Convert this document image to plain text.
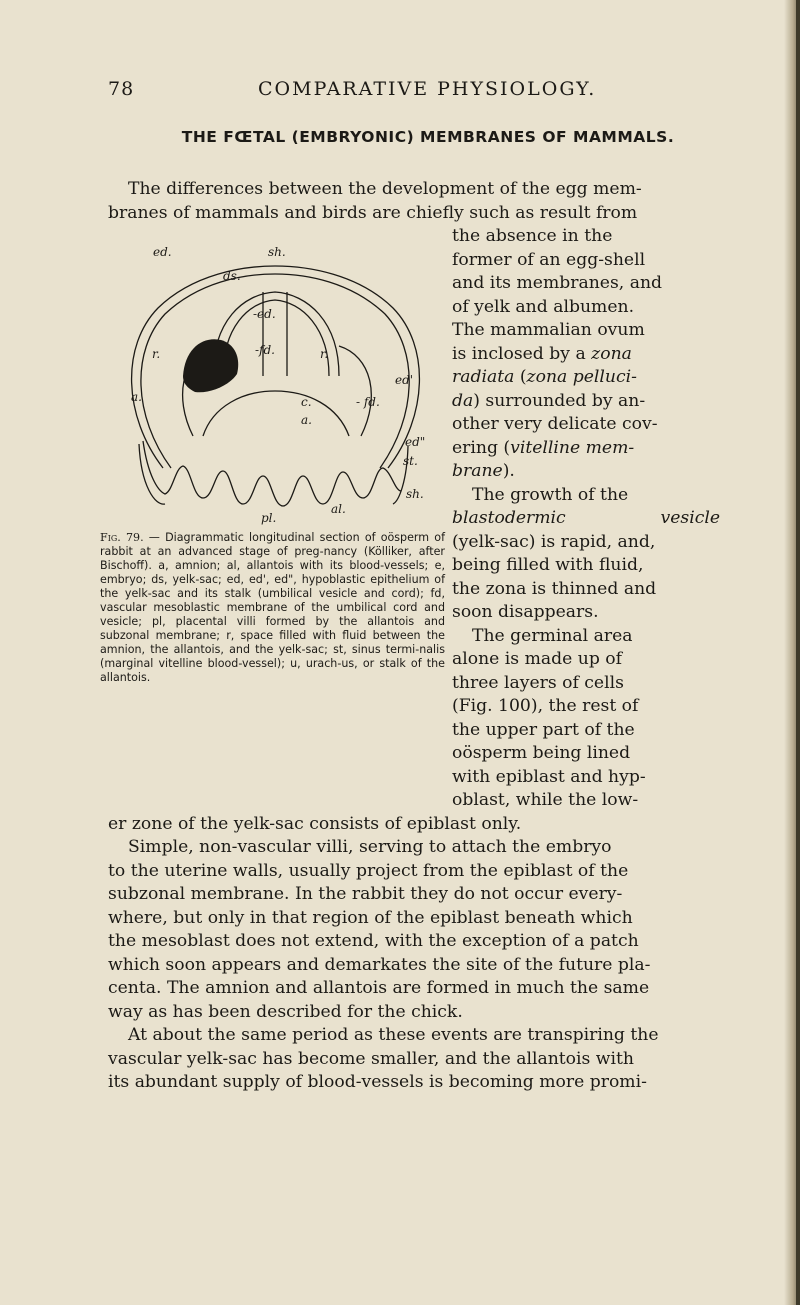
78	COMPARATIVE PHYSIOLOGY.
THE FŒTAL (EMBRYONIC) MEMBRANES OF MAMMALS.

The differences between the development of the egg mem-

branes of mammals and birds are chiefly such as result from

the absence in the

former of an egg-shell

and its membranes, and

of yelk and albumen.

The mammalian ovum

is inclosed by a zona

radiata (zona pelluci-

da) surrounded by an-

other very delicate cov-

ering (vitelline mem-

brane).

The growth of the

blastodermic	vesicle

(yelk-sac) is rapid, and,

being filled with fluid,

the zona is thinned and

soon disappears.

The germinal area

alone is made up of

three layers of cells

(Fig. 100), the rest of

the upper part of the

oösperm being lined

with epiblast and hyp-

oblast, while the low-

er zone of the yelk-sac consists of epiblast only.

Simple, non-vascular villi, serving to attach the embryo

to the uterine walls, usually project from the epiblast of the

subzonal membrane. In the rabbit they do not occur every-

where, but only in that region of the epiblast beneath which

the mesoblast does not extend, with the exception of a patch

which soon appears and demarkates the site of the future pla-

centa. The amnion and allantois are formed in much the same

way as has been described for the chick.

At about the same period as these events are transpiring the

vascular yelk-sac has become smaller, and the allantois with

its abundant supply of blood-vessels is becoming more promi-

ed.	sh.
ds.
-ed.
-fd.
r.	r.
ed'
a.	c.	- fd.
a.
ed"
st.
sh.
al.
pl.

Fig. 79. — Diagrammatic longitudinal section of oösperm of rabbit at an advanced stage of preg-nancy (Kölliker, after Bischoff). a, amnion; al, allantois with its blood-vessels; e, embryo; ds, yelk-sac; ed, ed', ed", hypoblastic epithelium of the yelk-sac and its stalk (umbilical vesicle and cord); fd, vascular mesoblastic membrane of the umbilical cord and vesicle; pl, placental villi formed by the allantois and subzonal membrane; r, space filled with fluid between the amnion, the allantois, and the yelk-sac; st, sinus termi-nalis (marginal vitelline blood-vessel); u, urach-us, or stalk of the allantois.
